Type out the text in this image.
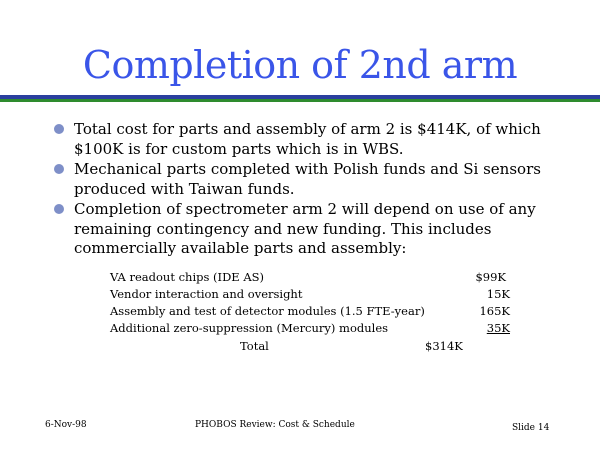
Completion of 2nd arm
Total cost for parts and assembly of arm 2 is $414K, of which $100K is for custom parts which is in WBS.
Mechanical parts completed with Polish funds and Si sensors produced with Taiwan funds.
Completion of spectrometer arm 2 will depend on use of any remaining contingency and new funding. This includes commercially available parts and assembly:
VA readout chips (IDE AS)	$99K
Vendor interaction and oversight	15K
Assembly and test of detector modules (1.5 FTE-year)	165K
Additional zero-suppression (Mercury) modules	35K
Total	$314K
6-Nov-98	PHOBOS Review: Cost & Schedule	Slide 14
